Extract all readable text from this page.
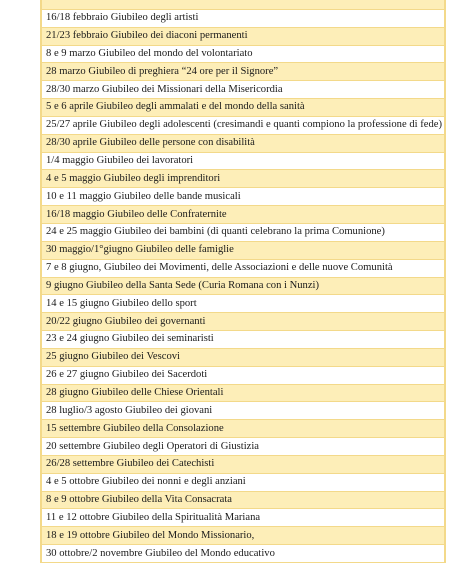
16/18 febbraio Giubileo degli artisti
21/23 febbraio Giubileo dei diaconi permanenti
8 e 9 marzo Giubileo del mondo del volontariato
28 marzo Giubileo di preghiera “24 ore per il Signore”
28/30 marzo Giubileo dei Missionari della Misericordia
5 e 6 aprile Giubileo degli ammalati e del mondo della sanità
25/27 aprile Giubileo degli adolescenti (cresimandi e quanti compiono la professione di fede)
28/30 aprile Giubileo delle persone con disabilità
1/4 maggio Giubileo dei lavoratori
4 e 5 maggio Giubileo degli imprenditori
10 e 11 maggio Giubileo delle bande musicali
16/18 maggio Giubileo delle Confraternite
24 e 25 maggio Giubileo dei bambini (di quanti celebrano la prima Comunione)
30 maggio/1°giugno Giubileo delle famiglie
7 e 8 giugno, Giubileo dei Movimenti, delle Associazioni e delle nuove Comunità
9 giugno Giubileo della Santa Sede (Curia Romana con i Nunzi)
14 e 15 giugno Giubileo dello sport
20/22 giugno Giubileo dei governanti
23 e 24 giugno Giubileo dei seminaristi
25 giugno Giubileo dei Vescovi
26 e 27 giugno Giubileo dei Sacerdoti
28 giugno Giubileo delle Chiese Orientali
28 luglio/3 agosto Giubileo dei giovani
15 settembre Giubileo della Consolazione
20 settembre Giubileo degli Operatori di Giustizia
26/28 settembre Giubileo dei Catechisti
4 e 5 ottobre Giubileo dei nonni e degli anziani
8 e 9 ottobre Giubileo della Vita Consacrata
11 e 12 ottobre Giubileo della Spiritualità Mariana
18 e 19 ottobre Giubileo del Mondo Missionario,
30 ottobre/2 novembre Giubileo del Mondo educativo
